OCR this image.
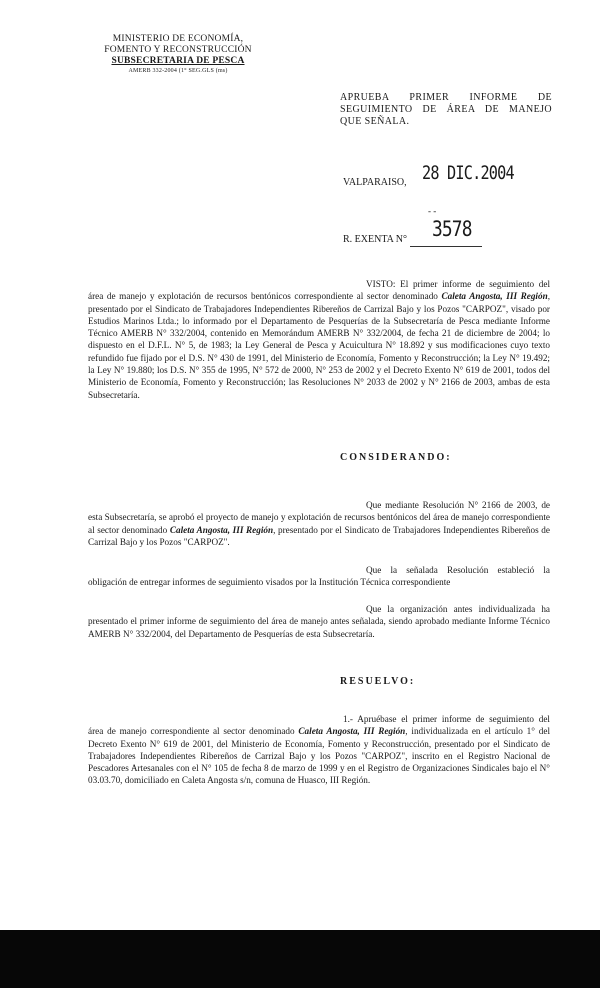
MINISTERIO DE ECONOMÍA,
FOMENTO Y RECONSTRUCCIÓN
SUBSECRETARIA DE PESCA
AMERB 332-2004 (1° SEG.GLS (ms)
APRUEBA PRIMER INFORME DE
SEGUIMIENTO DE ÁREA DE MANEJO
QUE SEÑALA.
VALPARAISO, 28 DIC.2004
- -
R. EXENTA N° 3578
VISTO: El primer informe de seguimiento del área de manejo y explotación de recursos bentónicos correspondiente al sector denominado Caleta Angosta, III Región, presentado por el Sindicato de Trabajadores Independientes Ribereños de Carrizal Bajo y los Pozos "CARPOZ", visado por Estudios Marinos Ltda.; lo informado por el Departamento de Pesquerías de la Subsecretaría de Pesca mediante Informe Técnico AMERB N° 332/2004, contenido en Memorándum AMERB N° 332/2004, de fecha 21 de diciembre de 2004; lo dispuesto en el D.F.L. N° 5, de 1983; la Ley General de Pesca y Acuicultura N° 18.892 y sus modificaciones cuyo texto refundido fue fijado por el D.S. N° 430 de 1991, del Ministerio de Economía, Fomento y Reconstrucción; la Ley N° 19.492; la Ley N° 19.880; los D.S. N° 355 de 1995, N° 572 de 2000, N° 253 de 2002 y el Decreto Exento N° 619 de 2001, todos del Ministerio de Economía, Fomento y Reconstrucción; las Resoluciones N° 2033 de 2002 y N° 2166 de 2003, ambas de esta Subsecretaría.
CONSIDERANDO:
Que mediante Resolución N° 2166 de 2003, de esta Subsecretaría, se aprobó el proyecto de manejo y explotación de recursos bentónicos del área de manejo correspondiente al sector denominado Caleta Angosta, III Región, presentado por el Sindicato de Trabajadores Independientes Ribereños de Carrizal Bajo y los Pozos "CARPOZ".
Que la señalada Resolución estableció la obligación de entregar informes de seguimiento visados por la Institución Técnica correspondiente
Que la organización antes individualizada ha presentado el primer informe de seguimiento del área de manejo antes señalada, siendo aprobado mediante Informe Técnico AMERB N° 332/2004, del Departamento de Pesquerías de esta Subsecretaría.
RESUELVO:
1.- Apruébase el primer informe de seguimiento del área de manejo correspondiente al sector denominado Caleta Angosta, III Región, individualizada en el artículo 1° del Decreto Exento N° 619 de 2001, del Ministerio de Economía, Fomento y Reconstrucción, presentado por el Sindicato de Trabajadores Independientes Ribereños de Carrizal Bajo y los Pozos "CARPOZ", inscrito en el Registro Nacional de Pescadores Artesanales con el N° 105 de fecha 8 de marzo de 1999 y en el Registro de Organizaciones Sindicales bajo el N° 03.03.70, domiciliado en Caleta Angosta s/n, comuna de Huasco, III Región.
